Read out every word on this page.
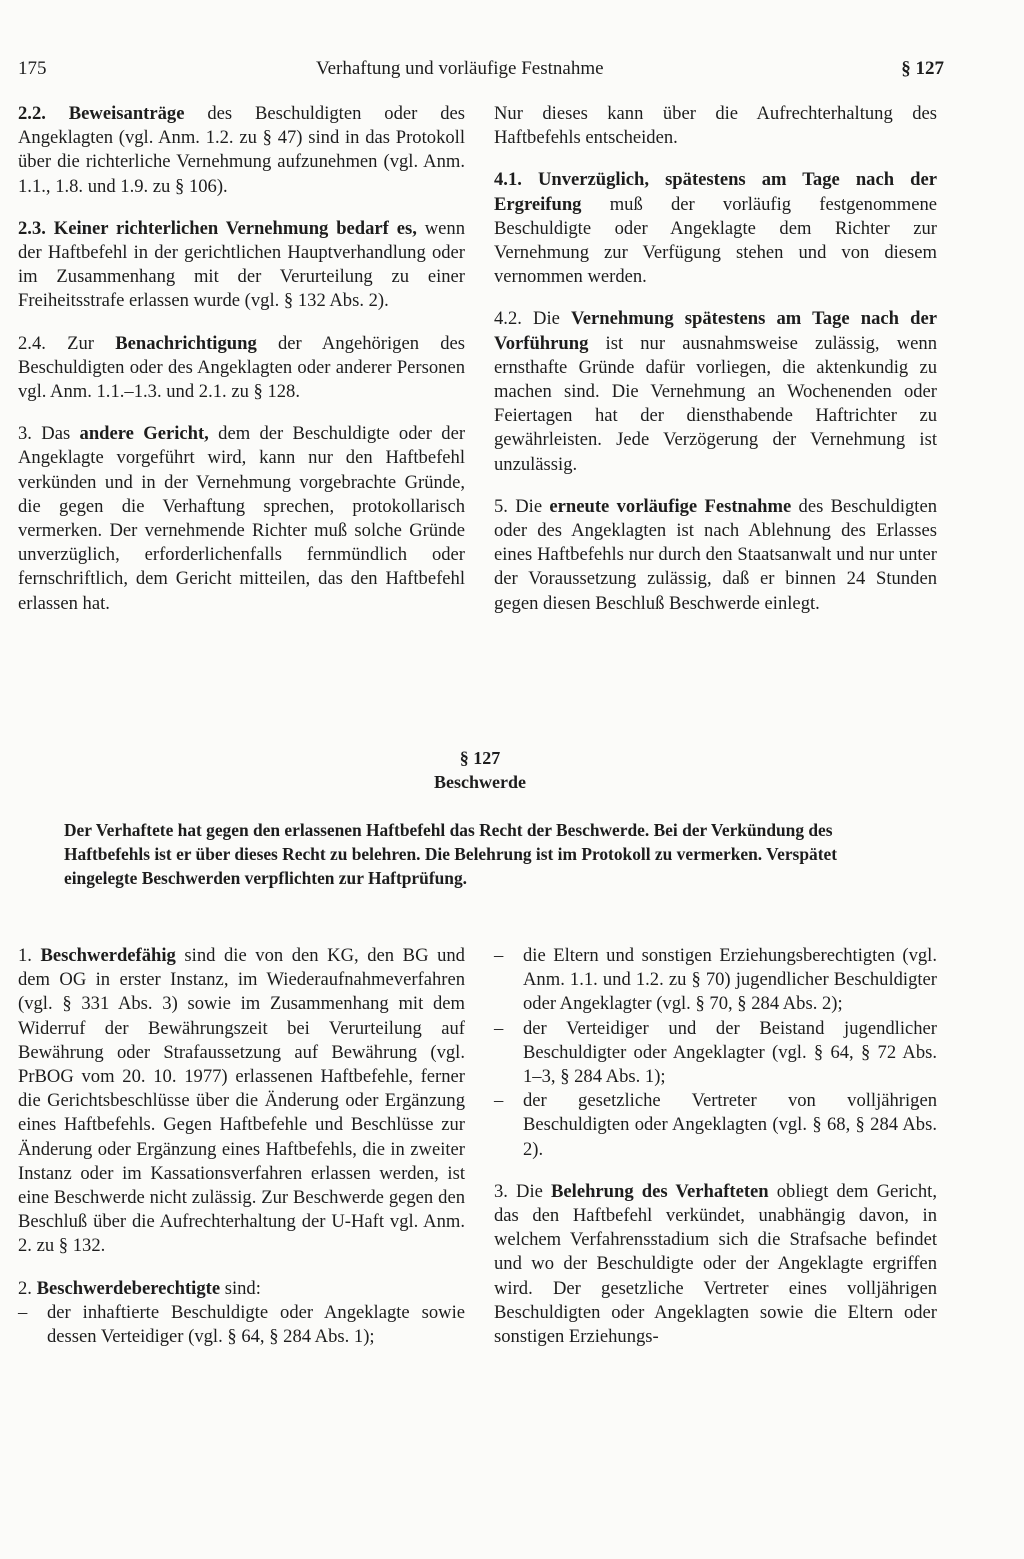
175	Verhaftung und vorläufige Festnahme	§ 127

2.2. Beweisanträge des Beschuldigten oder des Angeklagten (vgl. Anm. 1.2. zu § 47) sind in das Protokoll über die richterliche Vernehmung aufzunehmen (vgl. Anm. 1.1., 1.8. und 1.9. zu § 106).

2.3. Keiner richterlichen Vernehmung bedarf es, wenn der Haftbefehl in der gerichtlichen Hauptverhandlung oder im Zusammenhang mit der Verurteilung zu einer Freiheitsstrafe erlassen wurde (vgl. § 132 Abs. 2).

2.4. Zur Benachrichtigung der Angehörigen des Beschuldigten oder des Angeklagten oder anderer Personen vgl. Anm. 1.1.–1.3. und 2.1. zu § 128.

3. Das andere Gericht, dem der Beschuldigte oder der Angeklagte vorgeführt wird, kann nur den Haftbefehl verkünden und in der Vernehmung vorgebrachte Gründe, die gegen die Verhaftung sprechen, protokollarisch vermerken. Der vernehmende Richter muß solche Gründe unverzüglich, erforderlichenfalls fernmündlich oder fernschriftlich, dem Gericht mitteilen, das den Haftbefehl erlassen hat.

Nur dieses kann über die Aufrechterhaltung des Haftbefehls entscheiden.

4.1. Unverzüglich, spätestens am Tage nach der Ergreifung muß der vorläufig festgenommene Beschuldigte oder Angeklagte dem Richter zur Vernehmung zur Verfügung stehen und von diesem vernommen werden.

4.2. Die Vernehmung spätestens am Tage nach der Vorführung ist nur ausnahmsweise zulässig, wenn ernsthafte Gründe dafür vorliegen, die aktenkundig zu machen sind. Die Vernehmung an Wochenenden oder Feiertagen hat der diensthabende Haftrichter zu gewährleisten. Jede Verzögerung der Vernehmung ist unzulässig.

5. Die erneute vorläufige Festnahme des Beschuldigten oder des Angeklagten ist nach Ablehnung des Erlasses eines Haftbefehls nur durch den Staatsanwalt und nur unter der Voraussetzung zulässig, daß er binnen 24 Stunden gegen diesen Beschluß Beschwerde einlegt.

§ 127
Beschwerde
Der Verhaftete hat gegen den erlassenen Haftbefehl das Recht der Beschwerde. Bei der Verkündung des Haftbefehls ist er über dieses Recht zu belehren. Die Belehrung ist im Protokoll zu vermerken. Verspätet eingelegte Beschwerden verpflichten zur Haftprüfung.

1. Beschwerdefähig sind die von den KG, den BG und dem OG in erster Instanz, im Wiederaufnahmeverfahren (vgl. § 331 Abs. 3) sowie im Zusammenhang mit dem Widerruf der Bewährungszeit bei Verurteilung auf Bewährung oder Strafaussetzung auf Bewährung (vgl. PrBOG vom 20. 10. 1977) erlassenen Haftbefehle, ferner die Gerichtsbeschlüsse über die Änderung oder Ergänzung eines Haftbefehls. Gegen Haftbefehle und Beschlüsse zur Änderung oder Ergänzung eines Haftbefehls, die in zweiter Instanz oder im Kassationsverfahren erlassen werden, ist eine Beschwerde nicht zulässig. Zur Beschwerde gegen den Beschluß über die Aufrechterhaltung der U-Haft vgl. Anm. 2. zu § 132.

2. Beschwerdeberechtigte sind:

– der inhaftierte Beschuldigte oder Angeklagte sowie dessen Verteidiger (vgl. § 64, § 284 Abs. 1);

– die Eltern und sonstigen Erziehungsberechtigten (vgl. Anm. 1.1. und 1.2. zu § 70) jugendlicher Beschuldigter oder Angeklagter (vgl. § 70, § 284 Abs. 2);

– der Verteidiger und der Beistand jugendlicher Beschuldigter oder Angeklagter (vgl. § 64, § 72 Abs. 1–3, § 284 Abs. 1);

– der gesetzliche Vertreter von volljährigen Beschuldigten oder Angeklagten (vgl. § 68, § 284 Abs. 2).

3. Die Belehrung des Verhafteten obliegt dem Gericht, das den Haftbefehl verkündet, unabhängig davon, in welchem Verfahrensstadium sich die Strafsache befindet und wo der Beschuldigte oder der Angeklagte ergriffen wird. Der gesetzliche Vertreter eines volljährigen Beschuldigten oder Angeklagten sowie die Eltern oder sonstigen Erziehungs-
